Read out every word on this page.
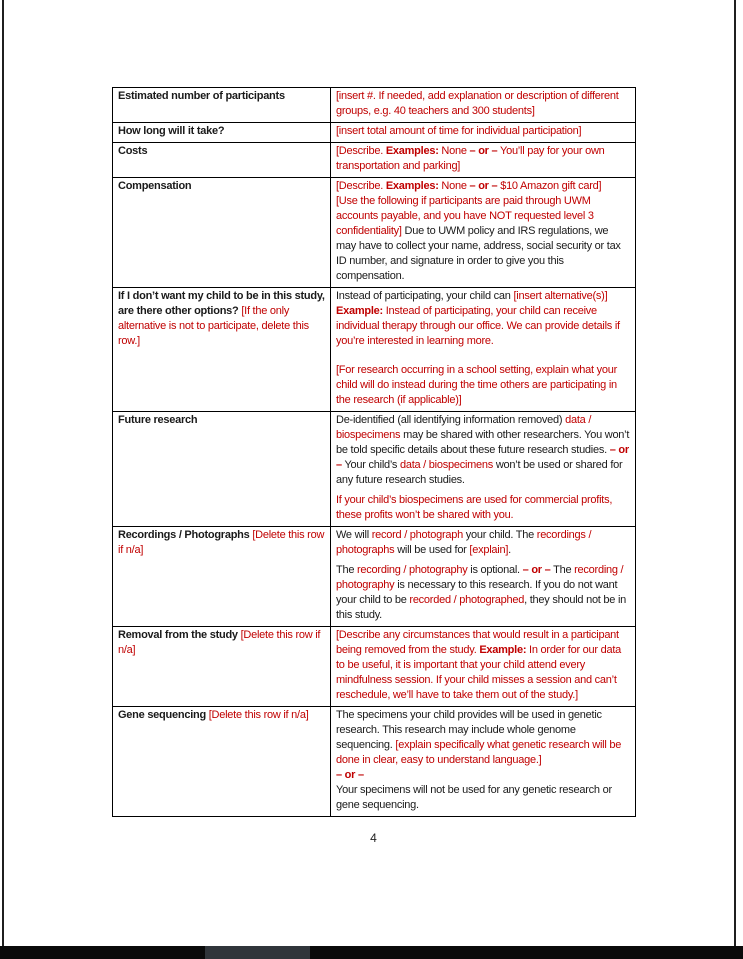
Estimated number of participants	[insert #. If needed, add explanation or description of different groups, e.g. 40 teachers and 300 students]

How long will it take?	[insert total amount of time for individual participation]

Costs	[Describe. Examples: None – or – You’ll pay for your own transportation and parking]

Compensation	[Describe. Examples: None – or – $10 Amazon gift card]
[Use the following if participants are paid through UWM accounts payable, and you have NOT requested level 3 confidentiality] Due to UWM policy and IRS regulations, we may have to collect your name, address, social security or tax ID number, and signature in order to give you this compensation.

If I don’t want my child to be in this study, are there other options? [If the only alternative is not to participate, delete this row.]	Instead of participating, your child can [insert alternative(s)]
Example: Instead of participating, your child can receive individual therapy through our office. We can provide details if you’re interested in learning more.
[For research occurring in a school setting, explain what your child will do instead during the time others are participating in the research (if applicable)]

Future research	De-identified (all identifying information removed) data / biospecimens may be shared with other researchers. You won’t be told specific details about these future research studies. – or – Your child’s data / biospecimens won’t be used or shared for any future research studies.
If your child’s biospecimens are used for commercial profits, these profits won’t be shared with you.

Recordings / Photographs [Delete this row if n/a]	We will record / photograph your child. The recordings / photographs will be used for [explain].
The recording / photography is optional. – or – The recording / photography is necessary to this research. If you do not want your child to be recorded / photographed, they should not be in this study.

Removal from the study [Delete this row if n/a]	[Describe any circumstances that would result in a participant being removed from the study. Example: In order for our data to be useful, it is important that your child attend every mindfulness session. If your child misses a session and can’t reschedule, we’ll have to take them out of the study.]

Gene sequencing [Delete this row if n/a]	The specimens your child provides will be used in genetic research. This research may include whole genome sequencing. [explain specifically what genetic research will be done in clear, easy to understand language.]
– or –
Your specimens will not be used for any genetic research or gene sequencing.
4
